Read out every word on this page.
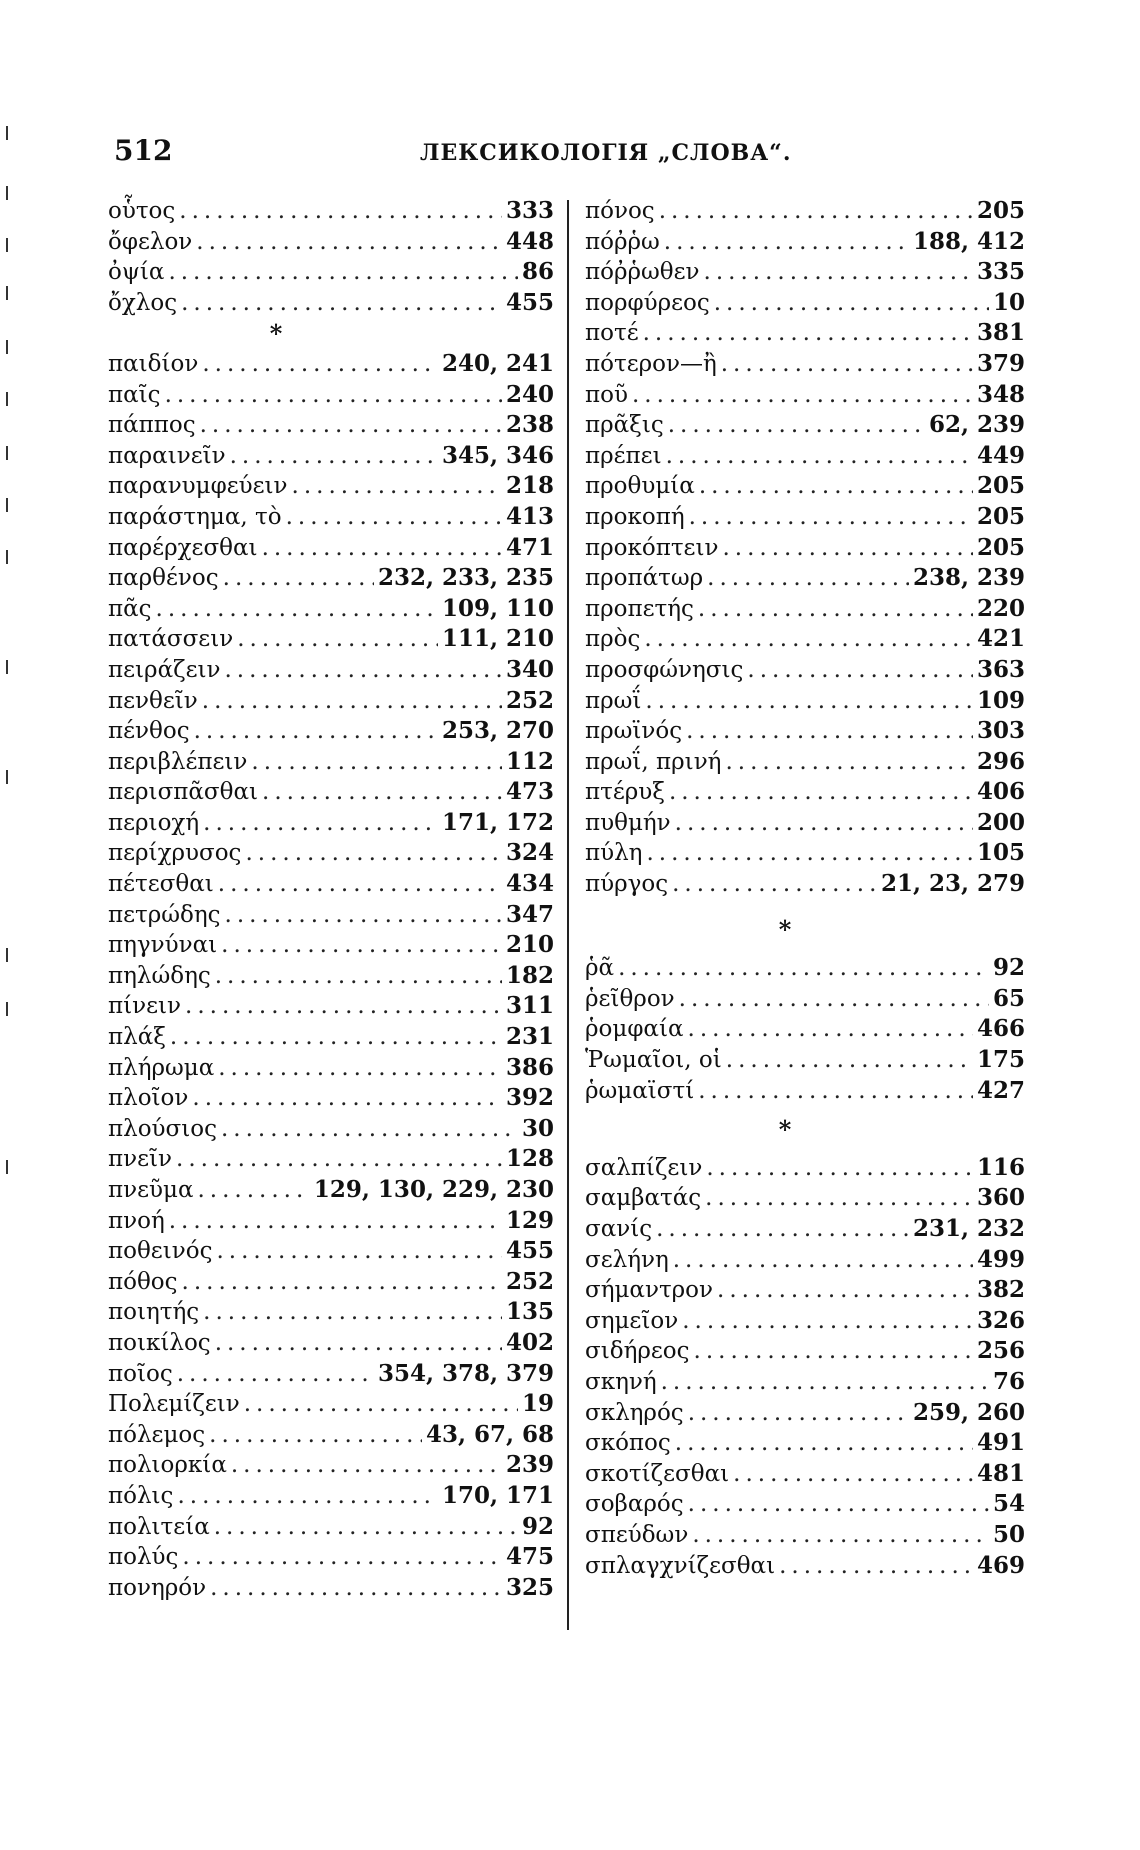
512	ЛЕКСИКОЛОГІЯ „СЛОВА“.
οὗτος .....	333
ὄφελον .....	448
ὀψία .....	86
ὄχλος .....	455
*
παιδίον .....	240, 241
παῖς .....	240
πάππος .....	238
παραινεῖν .....	345, 346
παρανυμφεύειν .....	218
παράστημα, τὸ .....	413
παρέρχεσθαι .....	471
παρθένος .....	232, 233, 235
πᾶς .....	109, 110
πατάσσειν .....	111, 210
πειράζειν .....	340
πενθεῖν .....	252
πένθος .....	253, 270
περιβλέπειν .....	112
περισπᾶσθαι .....	473
περιοχή .....	171, 172
περίχρυσος .....	324
πέτεσθαι .....	434
πετρώδης .....	347
πηγνύναι .....	210
πηλώδης .....	182
πίνειν .....	311
πλάξ .....	231
πλήρωμα .....	386
πλοῖον .....	392
πλούσιος .....	30
πνεῖν .....	128
πνεῦμα .....	129, 130, 229, 230
πνοή .....	129
ποθεινός .....	455
πόθος .....	252
ποιητής .....	135
ποικίλος .....	402
ποῖος .....	354, 378, 379
Πολεμίζειν .....	19
πόλεμος .....	43, 67, 68
πολιορκία .....	239
πόλις .....	170, 171
πολιτεία .....	92
πολύς .....	475
πονηρόν .....	325
πόνος .....	205
πόῤῥω .....	188, 412
πόῤῥωθεν .....	335
πορφύρεος .....	10
ποτέ .....	381
πότερον—ἢ .....	379
ποῦ .....	348
πρᾶξις .....	62, 239
πρέπει .....	449
προθυμία .....	205
προκοπή .....	205
προκόπτειν .....	205
προπάτωρ .....	238, 239
προπετής .....	220
πρὸς .....	421
προσφώνησις .....	363
πρωΐ .....	109
πρωϊνός .....	303
πρωΐ, πρινή .....	296
πτέρυξ .....	406
πυθμήν .....	200
πύλη .....	105
πύργος .....	21, 23, 279
*
ῥᾶ .....	92
ῥεῖθρον .....	65
ῥομφαία .....	466
Ῥωμαῖοι, οἱ .....	175
ῥωμαϊστί .....	427
*
σαλπίζειν .....	116
σαμβατάς .....	360
σανίς .....	231, 232
σελήνη .....	499
σήμαντρον .....	382
σημεῖον .....	326
σιδήρεος .....	256
σκηνή .....	76
σκληρός .....	259, 260
σκόπος .....	491
σκοτίζεσθαι .....	481
σοβαρός .....	54
σπεύδων .....	50
σπλαγχνίζεσθαι .....	469
